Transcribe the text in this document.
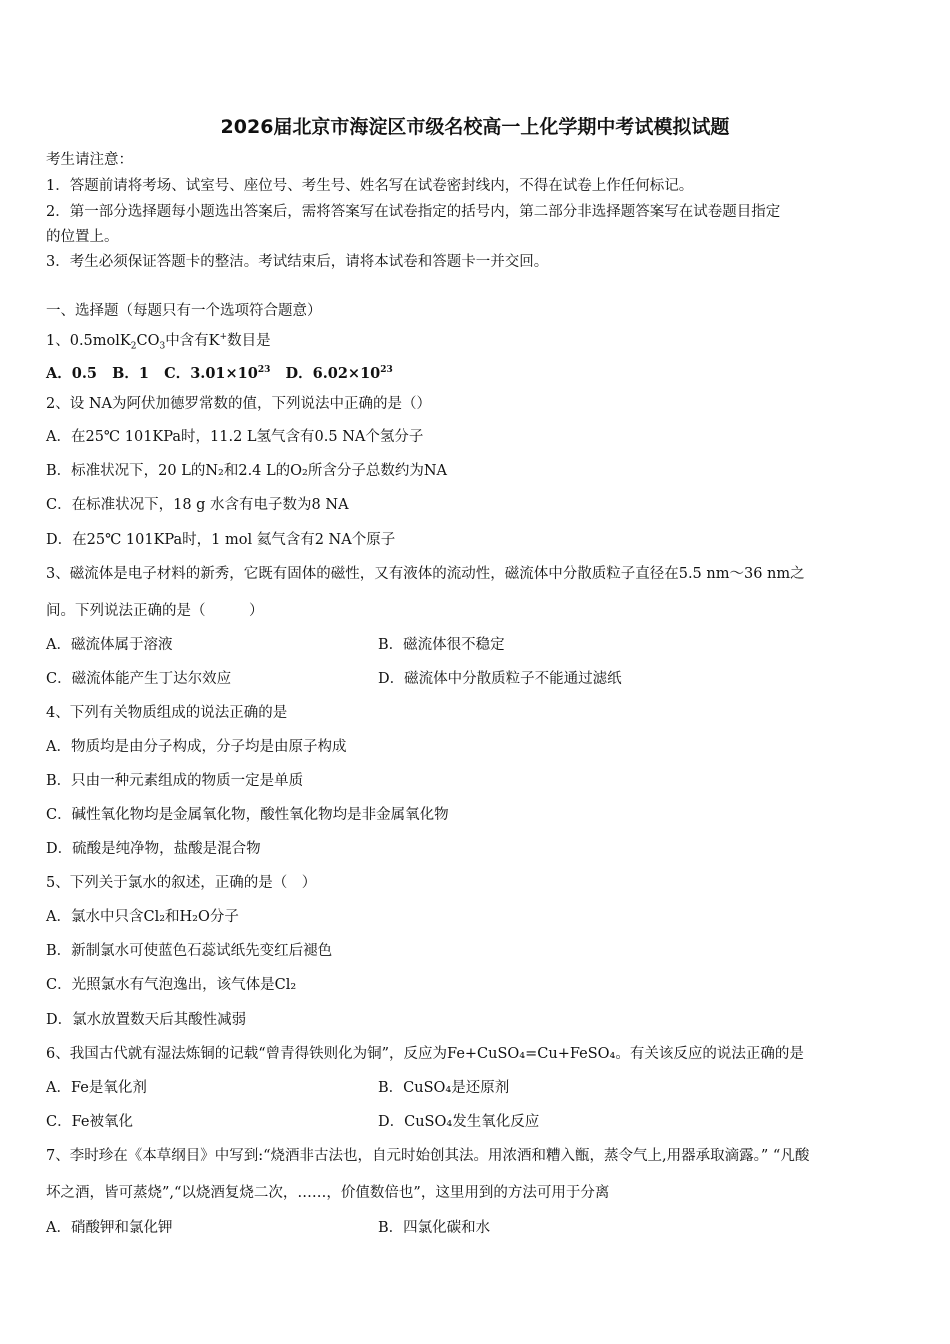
2026届北京市海淀区市级名校高一上化学期中考试模拟试题
考生请注意：
1．答题前请将考场、试室号、座位号、考生号、姓名写在试卷密封线内，不得在试卷上作任何标记。
2．第一部分选择题每小题选出答案后，需将答案写在试卷指定的括号内，第二部分非选择题答案写在试卷题目指定
的位置上。
3．考生必须保证答题卡的整洁。考试结束后，请将本试卷和答题卡一并交回。
一、选择题（每题只有一个选项符合题意）
1、$0.5molK_2CO_3$中含有K+数目是
A．0.5 B．1 C．$3.01\times 10^{23}$ D．$6.02\times 10^{23}$
2、设 NA为阿伏加德罗常数的值，下列说法中正确的是（）
A．在25℃ 101KPa时，11.2 L氢气含有0.5 NA个氢分子
B．标准状况下，20 L的N₂和2.4 L的O₂所含分子总数约为NA
C．在标准状况下，18 g 水含有电子数为8 NA
D．在25℃ 101KPa时，1 mol 氦气含有2 NA个原子
3、磁流体是电子材料的新秀，它既有固体的磁性，又有液体的流动性，磁流体中分散质粒子直径在5.5 nm～36 nm之
间。下列说法正确的是（　　　）
A．磁流体属于溶液	B．磁流体很不稳定
C．磁流体能产生丁达尔效应	D．磁流体中分散质粒子不能通过滤纸
4、下列有关物质组成的说法正确的是
A．物质均是由分子构成，分子均是由原子构成
B．只由一种元素组成的物质一定是单质
C．碱性氧化物均是金属氧化物，酸性氧化物均是非金属氧化物
D．硫酸是纯净物，盐酸是混合物
5、下列关于氯水的叙述，正确的是（　）
A．氯水中只含Cl₂和H₂O分子
B．新制氯水可使蓝色石蕊试纸先变红后褪色
C．光照氯水有气泡逸出，该气体是Cl₂
D．氯水放置数天后其酸性减弱
6、我国古代就有湿法炼铜的记载“曾青得铁则化为铜”，反应为Fe+CuSO₄=Cu+FeSO₄。有关该反应的说法正确的是
A．Fe是氧化剂	B．CuSO₄是还原剂
C．Fe被氧化	D．CuSO₄发生氧化反应
7、李时珍在《本草纲目》中写到:“烧酒非古法也，自元时始创其法。用浓酒和糟入甑，蒸令气上,用器承取滴露。” “凡酸
坏之酒，皆可蒸烧”,“以烧酒复烧二次，……，价值数倍也”，这里用到的方法可用于分离
A．硝酸钾和氯化钾	B．四氯化碳和水
